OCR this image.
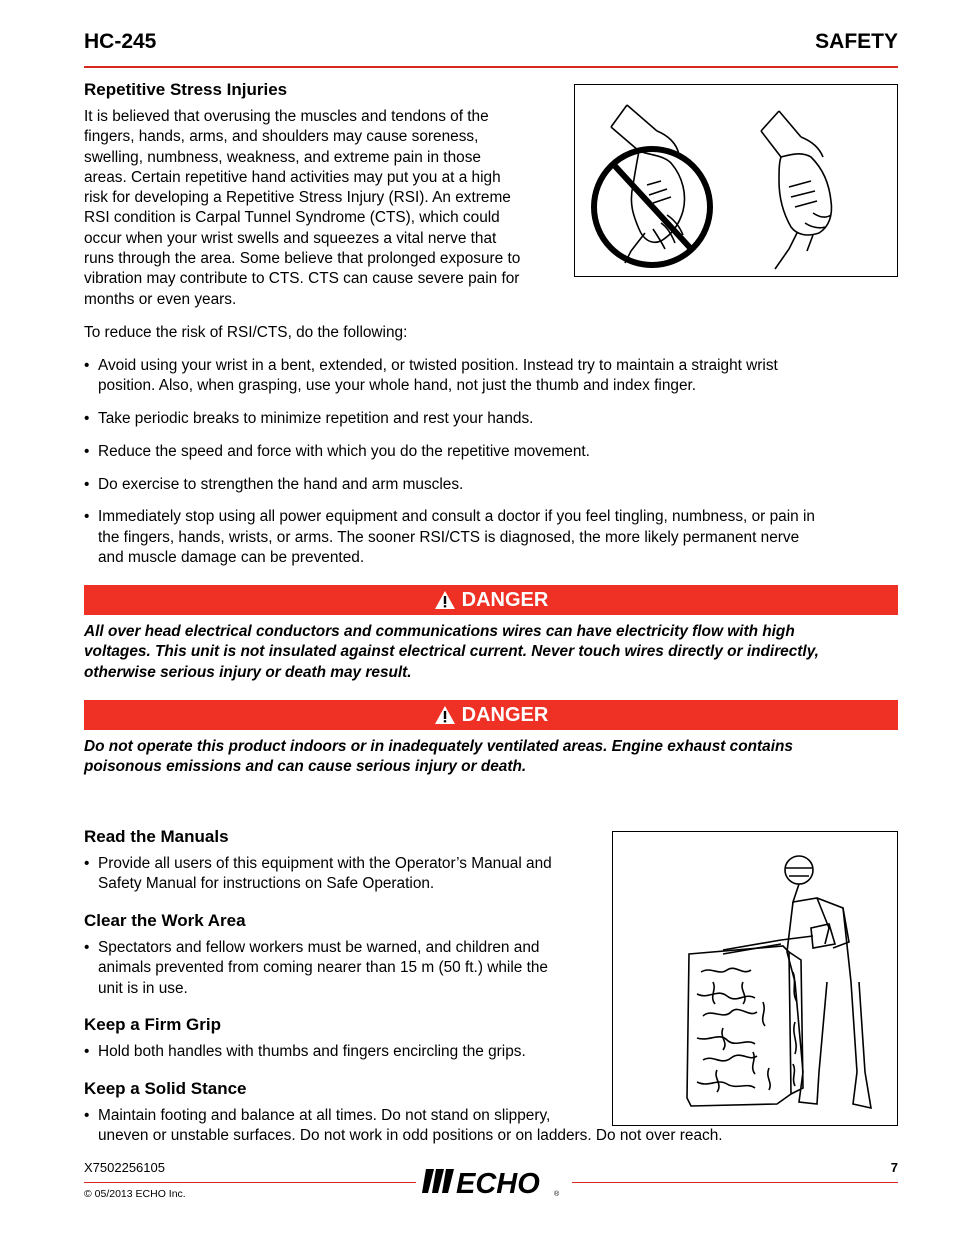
HC-245	SAFETY
Repetitive Stress Injuries

It is believed that overusing the muscles and tendons of the
fingers, hands, arms, and shoulders may cause soreness,
swelling, numbness, weakness, and extreme pain in those
areas. Certain repetitive hand activities may put you at a high
risk for developing a Repetitive Stress Injury (RSI). An extreme
RSI condition is Carpal Tunnel Syndrome (CTS), which could
occur when your wrist swells and squeezes a vital nerve that
runs through the area. Some believe that prolonged exposure to
vibration may contribute to CTS. CTS can cause severe pain for
months or even years.

To reduce the risk of RSI/CTS, do the following:

• Avoid using your wrist in a bent, extended, or twisted position. Instead try to maintain a straight wrist
position. Also, when grasping, use your whole hand, not just the thumb and index finger.
• Take periodic breaks to minimize repetition and rest your hands.
• Reduce the speed and force with which you do the repetitive movement.
• Do exercise to strengthen the hand and arm muscles.
• Immediately stop using all power equipment and consult a doctor if you feel tingling, numbness, or pain in
the fingers, hands, wrists, or arms. The sooner RSI/CTS is diagnosed, the more likely permanent nerve
and muscle damage can be prevented.
DANGER

All over head electrical conductors and communications wires can have electricity flow with high
voltages. This unit is not insulated against electrical current. Never touch wires directly or indirectly,
otherwise serious injury or death may result.

DANGER

Do not operate this product indoors or in inadequately ventilated areas. Engine exhaust contains
poisonous emissions and can cause serious injury or death.

Read the Manuals
• Provide all users of this equipment with the Operator’s Manual and
Safety Manual for instructions on Safe Operation.
Clear the Work Area
• Spectators and fellow workers must be warned, and children and
animals prevented from coming nearer than 15 m (50 ft.) while the
unit is in use.
Keep a Firm Grip
• Hold both handles with thumbs and fingers encircling the grips.
Keep a Solid Stance
• Maintain footing and balance at all times. Do not stand on slippery,
uneven or unstable surfaces. Do not work in odd positions or on ladders. Do not over reach.
X7502256105	7
ECHO ®
© 05/2013 ECHO Inc.
